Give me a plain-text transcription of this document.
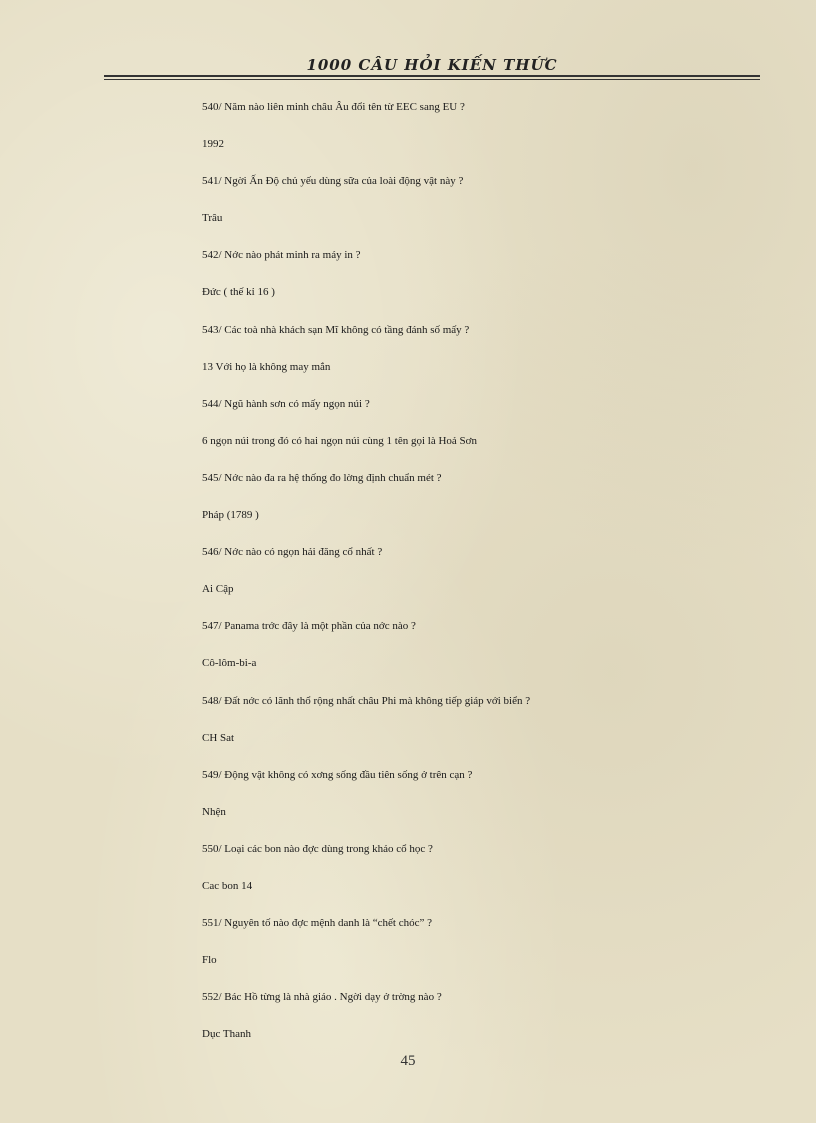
1000 CÂU HỎI KIẾN THỨC

540/ Năm nào liên minh châu Âu đổi tên từ EEC sang EU ?

1992

541/ Ngời Ấn Độ chủ yếu dùng sữa của loài động vật này ?

Trâu

542/ Nớc nào phát minh ra máy in ?

Đức ( thế kỉ 16 )

543/ Các toà nhà khách sạn Mĩ không có tầng đánh số mấy ?

13 Với họ là không may mắn

544/ Ngũ hành sơn có mấy ngọn núi ?

6 ngọn núi trong đó có hai ngọn núi cùng 1 tên gọi là Hoả Sơn

545/ Nớc nào đa ra hệ thống đo lờng định chuẩn mét ?

Pháp (1789 )

546/ Nớc nào có ngọn hải đăng cổ nhất ?

Ai Cập

547/ Panama trớc đây là một phần của nớc nào ?

Cô-lôm-bi-a

548/ Đất nớc có lãnh thổ rộng nhất châu Phi mà không tiếp giáp với biển ?

CH Sat

549/ Động vật không có xơng sống đầu tiên sống ở trên cạn ?

Nhện

550/ Loại các bon nào đợc dùng trong khảo cổ học ?

Cac bon 14

551/ Nguyên tố nào đợc mệnh danh là “chết chóc” ?

Flo

552/ Bác Hồ từng là nhà giáo . Ngời dạy ở trờng nào ?

Dục Thanh

45
